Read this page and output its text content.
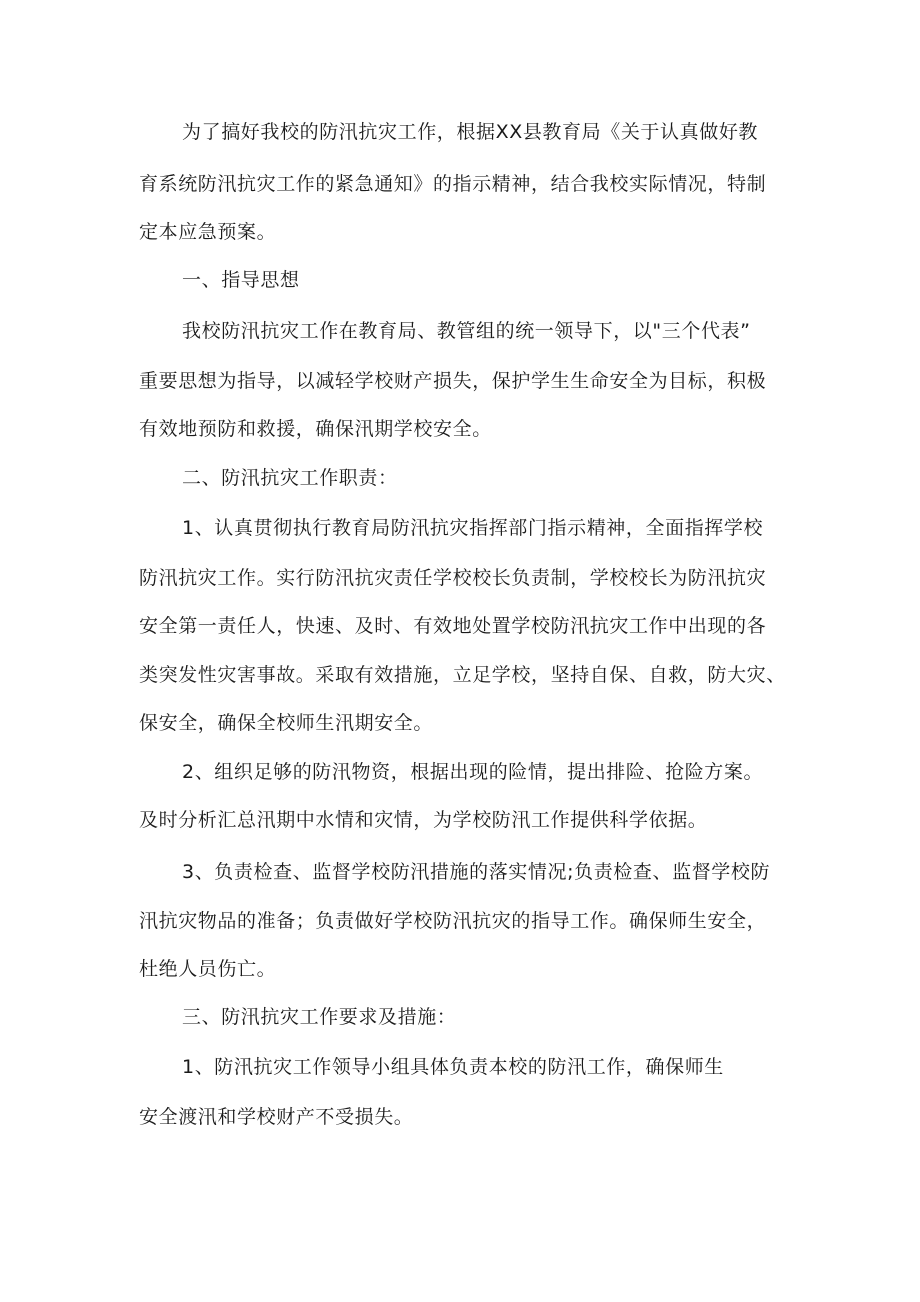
为了搞好我校的防汛抗灾工作，根据XX县教育局《关于认真做好教
育系统防汛抗灾工作的紧急通知》的指示精神，结合我校实际情况，特制
定本应急预案。
一、指导思想
我校防汛抗灾工作在教育局、教管组的统一领导下，以"三个代表”
重要思想为指导，以减轻学校财产损失，保护学生生命安全为目标，积极
有效地预防和救援，确保汛期学校安全。
二、防汛抗灾工作职责：
1、认真贯彻执行教育局防汛抗灾指挥部门指示精神，全面指挥学校
防汛抗灾工作。实行防汛抗灾责任学校校长负责制，学校校长为防汛抗灾
安全第一责任人，快速、及时、有效地处置学校防汛抗灾工作中出现的各
类突发性灾害事故。采取有效措施，立足学校，坚持自保、自救，防大灾、
保安全，确保全校师生汛期安全。
2、组织足够的防汛物资，根据出现的险情，提出排险、抢险方案。
及时分析汇总汛期中水情和灾情，为学校防汛工作提供科学依据。
3、负责检查、监督学校防汛措施的落实情况;负责检查、监督学校防
汛抗灾物品的准备；负责做好学校防汛抗灾的指导工作。确保师生安全，
杜绝人员伤亡。
三、防汛抗灾工作要求及措施：
1、防汛抗灾工作领导小组具体负责本校的防汛工作，确保师生
安全渡汛和学校财产不受损失。
